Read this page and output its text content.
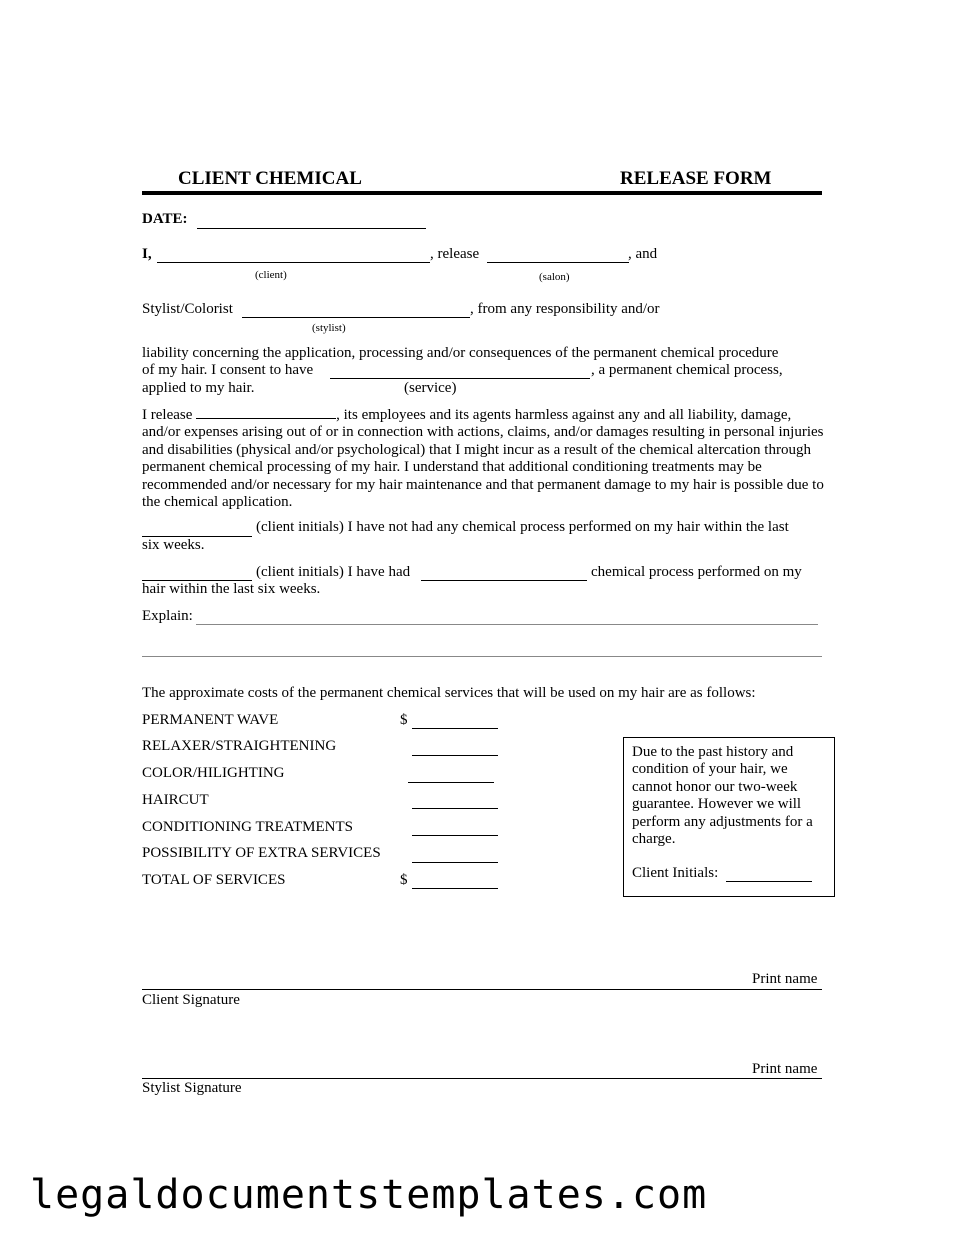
CLIENT CHEMICAL	RELEASE FORM
DATE:
I,	, release	, and
(client)	(salon)
Stylist/Colorist	, from any responsibility and/or
(stylist)
liability concerning the application, processing and/or consequences of the permanent chemical procedure
of my hair. I consent to have	, a permanent chemical process,
applied to my hair.	(service)
I release	, its employees and its agents harmless against any and all liability, damage, and/or expenses arising out of or in connection with actions, claims, and/or damages resulting in personal injuries and disabilities (physical and/or psychological) that I might incur as a result of the chemical altercation through permanent chemical processing of my hair. I understand that additional conditioning treatments may be recommended and/or necessary for my hair maintenance and that permanent damage to my hair is possible due to the chemical application.
(client initials) I have not had any chemical process performed on my hair within the last
six weeks.
(client initials) I have had	chemical process performed on my
hair within the last six weeks.
Explain:
The approximate costs of the permanent chemical services that will be used on my hair are as follows:
PERMANENT WAVE	$
RELAXER/STRAIGHTENING
COLOR/HILIGHTING
HAIRCUT
CONDITIONING TREATMENTS
POSSIBILITY OF EXTRA SERVICES
TOTAL OF SERVICES	$
Due to the past history and condition of your hair, we cannot honor our two-week guarantee. However we will perform any adjustments for a charge.
Client Initials:
Print name
Client Signature
Print name
Stylist Signature
legaldocumentstemplates.com
